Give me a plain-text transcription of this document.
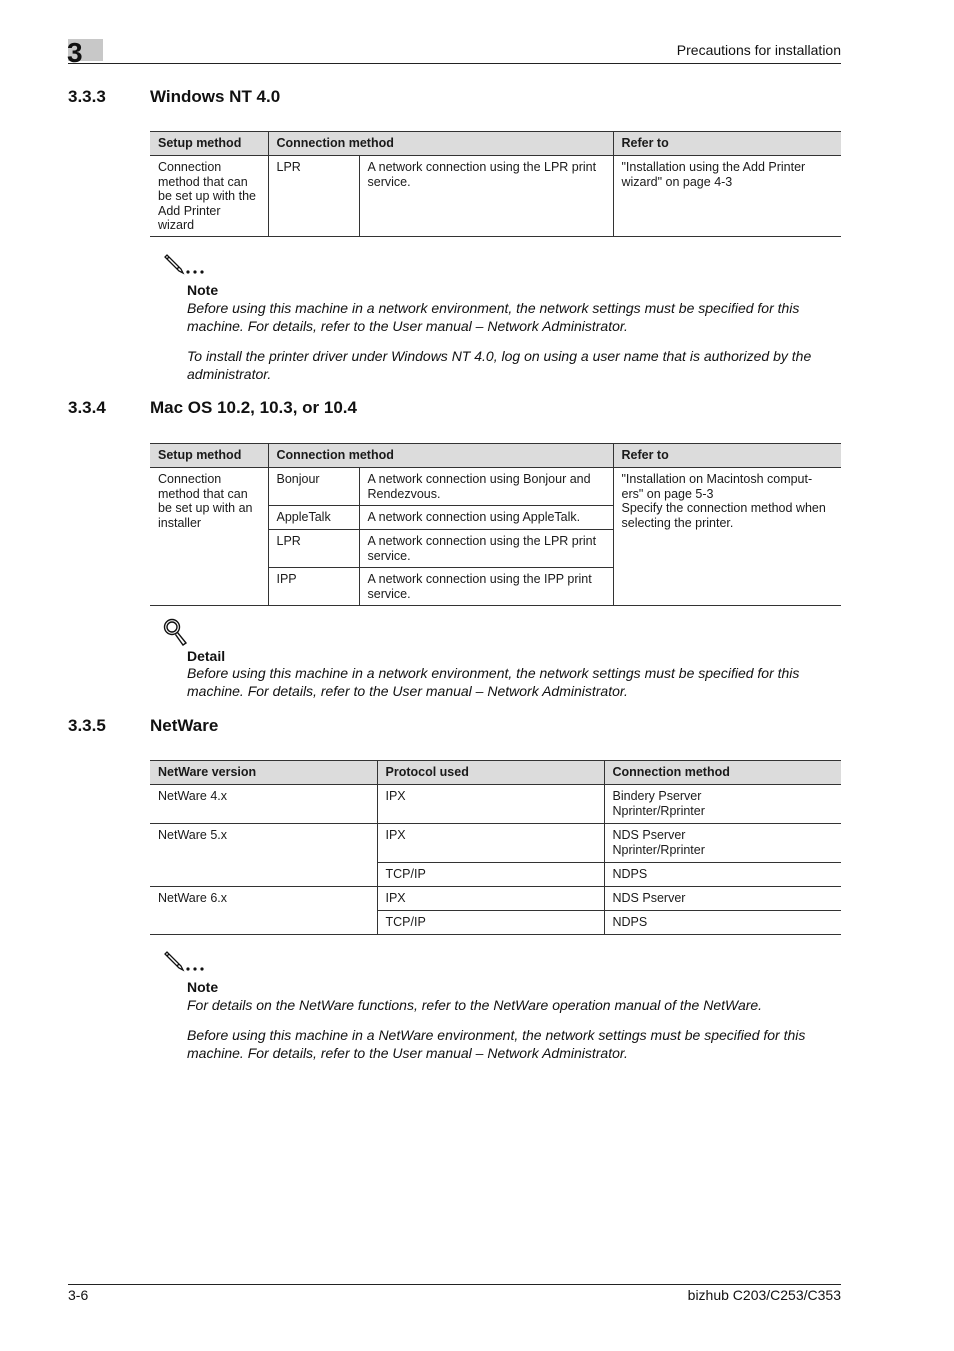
3	Precautions for installation
3.3.3	Windows NT 4.0
Setup method	Connection method		Refer to
Connection method that can be set up with the Add Printer wizard	LPR	A network connection using the LPR print service.	"Installation using the Add Printer wizard" on page 4-3
Note
Before using this machine in a network environment, the network settings must be specified for this machine. For details, refer to the User manual – Network Administrator.
To install the printer driver under Windows NT 4.0, log on using a user name that is authorized by the administrator.
3.3.4	Mac OS 10.2, 10.3, or 10.4
Setup method	Connection method		Refer to
Connection method that can be set up with an installer	Bonjour	A network connection using Bonjour and Rendezvous.	"Installation on Macintosh comput-ers" on page 5-3
Specify the connection method when selecting the printer.
	AppleTalk	A network connection using AppleTalk.	
	LPR	A network connection using the LPR print service.	
	IPP	A network connection using the IPP print service.	
Detail
Before using this machine in a network environment, the network settings must be specified for this machine. For details, refer to the User manual – Network Administrator.
3.3.5	NetWare
NetWare version	Protocol used	Connection method
NetWare 4.x	IPX	Bindery Pserver
Nprinter/Rprinter
NetWare 5.x	IPX	NDS Pserver
Nprinter/Rprinter
	TCP/IP	NDPS
NetWare 6.x	IPX	NDS Pserver
	TCP/IP	NDPS
Note
For details on the NetWare functions, refer to the NetWare operation manual of the NetWare.
Before using this machine in a NetWare environment, the network settings must be specified for this machine. For details, refer to the User manual – Network Administrator.
3-6	bizhub C203/C253/C353
